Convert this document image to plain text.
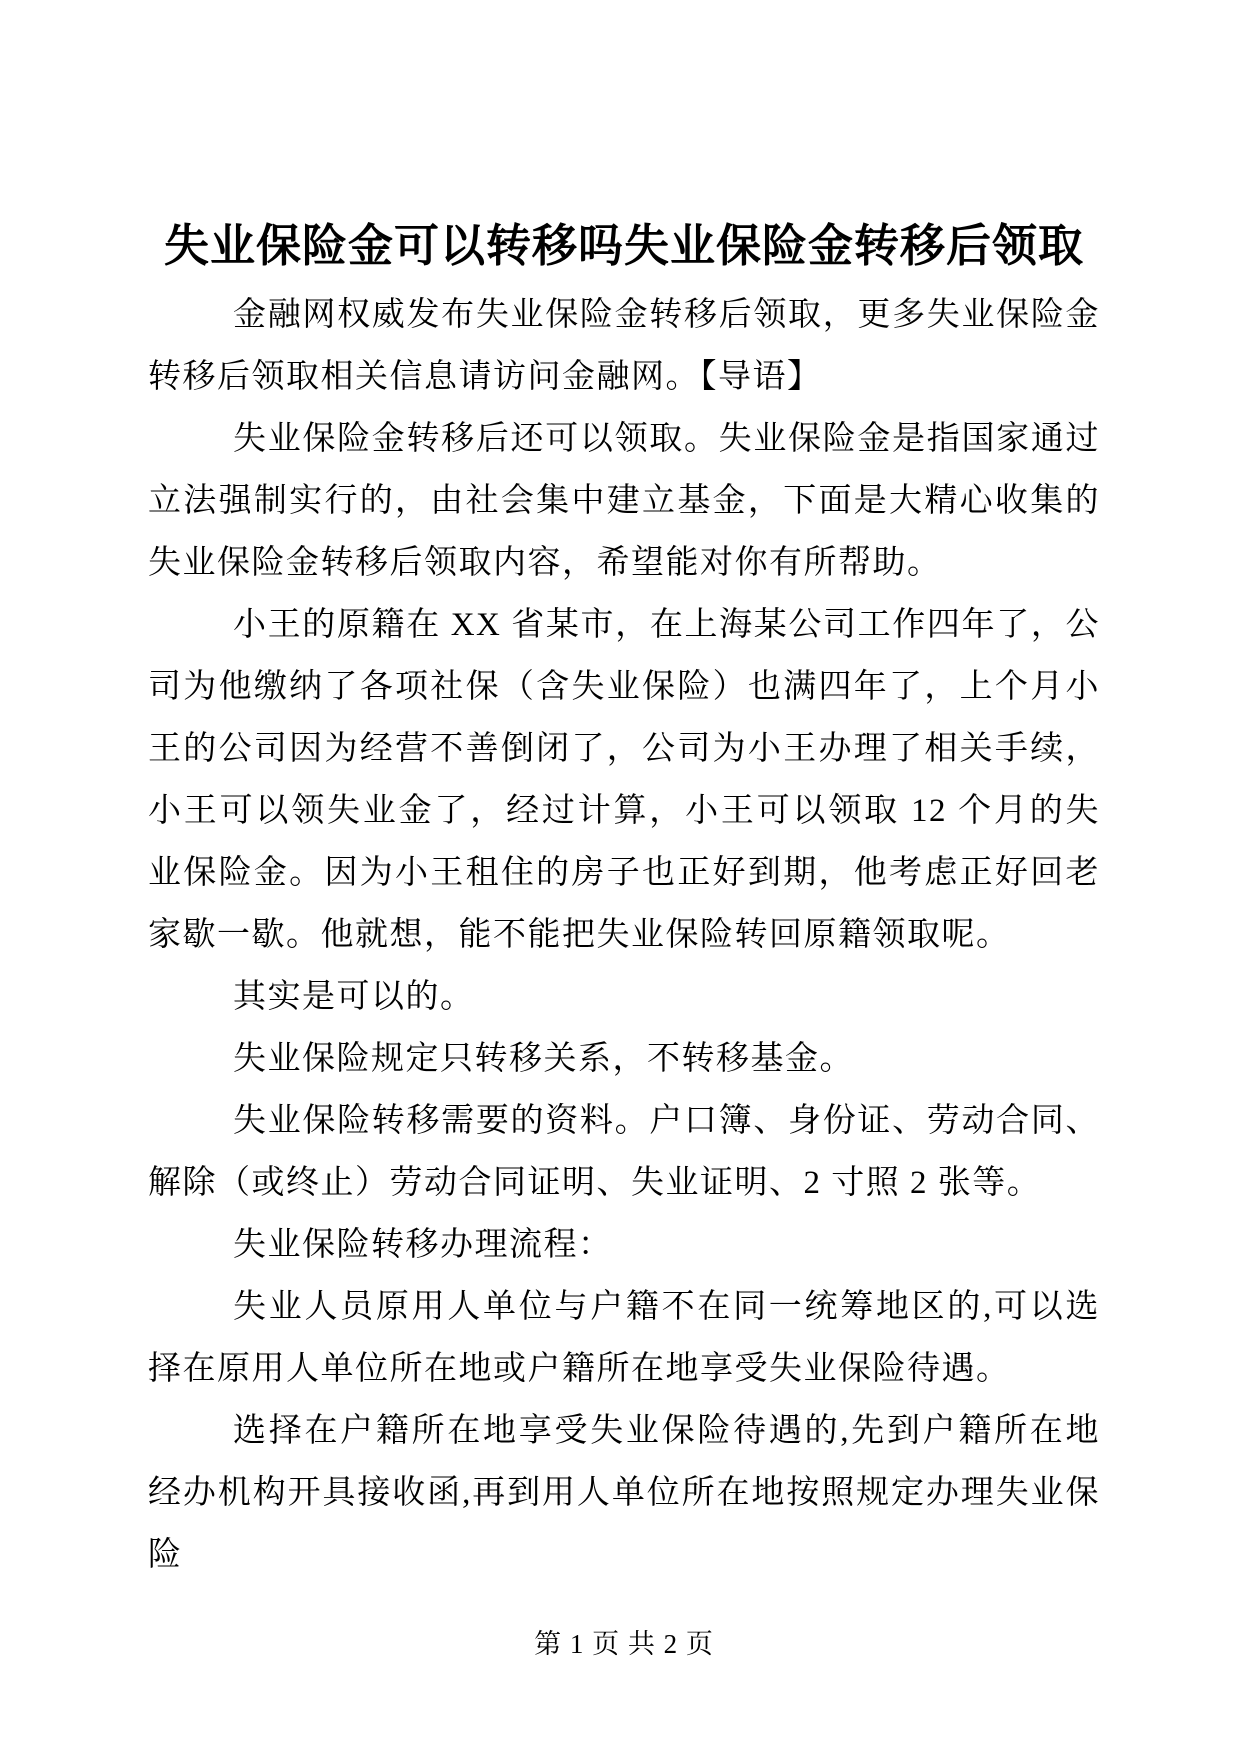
失业保险金可以转移吗失业保险金转移后领取

金融网权威发布失业保险金转移后领取，更多失业保险金转移后领取相关信息请访问金融网。【导语】

失业保险金转移后还可以领取。失业保险金是指国家通过立法强制实行的，由社会集中建立基金，下面是大精心收集的失业保险金转移后领取内容，希望能对你有所帮助。

小王的原籍在 XX 省某市，在上海某公司工作四年了，公司为他缴纳了各项社保（含失业保险）也满四年了，上个月小王的公司因为经营不善倒闭了，公司为小王办理了相关手续，小王可以领失业金了，经过计算，小王可以领取 12 个月的失业保险金。因为小王租住的房子也正好到期，他考虑正好回老家歇一歇。他就想，能不能把失业保险转回原籍领取呢。

其实是可以的。

失业保险规定只转移关系，不转移基金。

失业保险转移需要的资料。户口簿、身份证、劳动合同、解除（或终止）劳动合同证明、失业证明、2 寸照 2 张等。

失业保险转移办理流程：

失业人员原用人单位与户籍不在同一统筹地区的,可以选择在原用人单位所在地或户籍所在地享受失业保险待遇。

选择在户籍所在地享受失业保险待遇的,先到户籍所在地经办机构开具接收函,再到用人单位所在地按照规定办理失业保险

第 1 页 共 2 页
